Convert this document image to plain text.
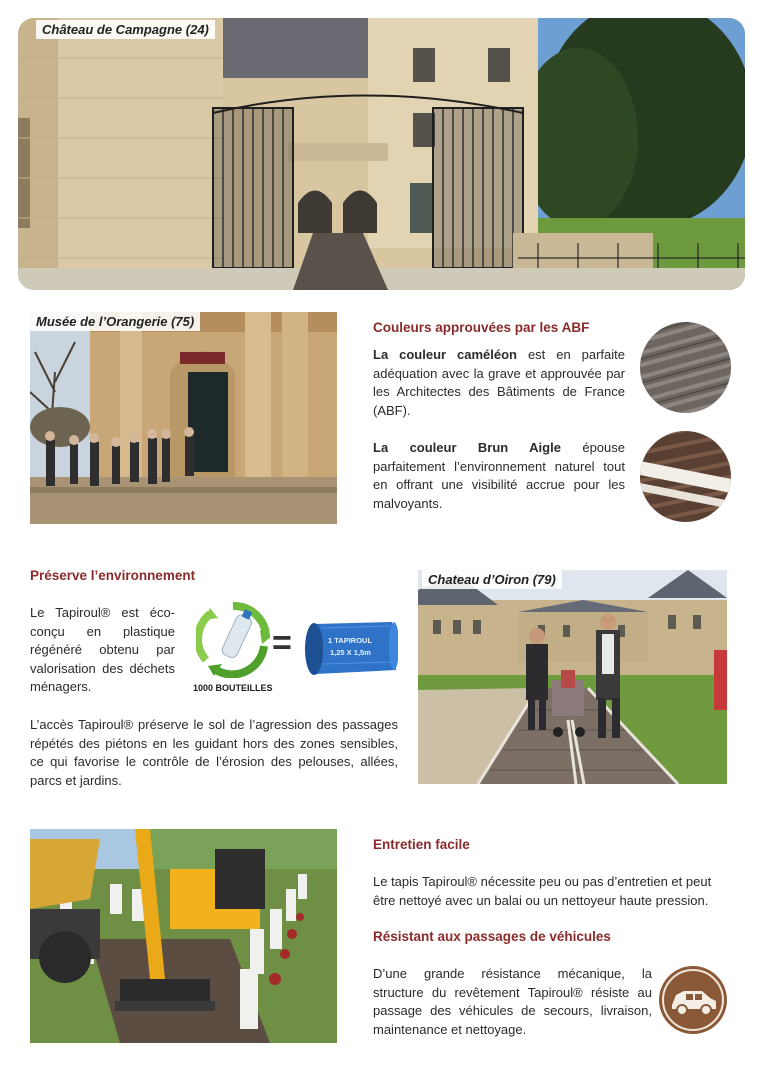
Château de Campagne (24)
Musée de l’Orangerie (75)	Couleurs approuvées par les ABF
La couleur caméléon est en parfaite adéquation avec la grave et approuvée par les Architectes des Bâtiments de France (ABF).
La couleur Brun Aigle épouse parfaitement l’environnement naturel tout en offrant une visibilité accrue pour les malvoyants.
Préserve l’environnement
Le Tapiroul® est éco-conçu en plastique régénéré obtenu par valorisation des déchets ménagers.	1000 BOUTEILLES
=	1 TAPIROUL
1,25 X 1,5m
L’accès Tapiroul® préserve le sol de l’agression des passages répétés des piétons en les guidant hors des zones sensibles, ce qui favorise le contrôle de l’érosion des pelouses, allées, parcs et jardins.
Chateau d’Oiron (79)
Entretien facile
Le tapis Tapiroul® nécessite peu ou pas d’entretien et peut être nettoyé avec un balai ou un nettoyeur haute pression.
Résistant aux passages de véhicules
D’une grande résistance mécanique, la structure du revêtement Tapiroul® résiste au passage des véhicules de secours, livraison, maintenance et nettoyage.
